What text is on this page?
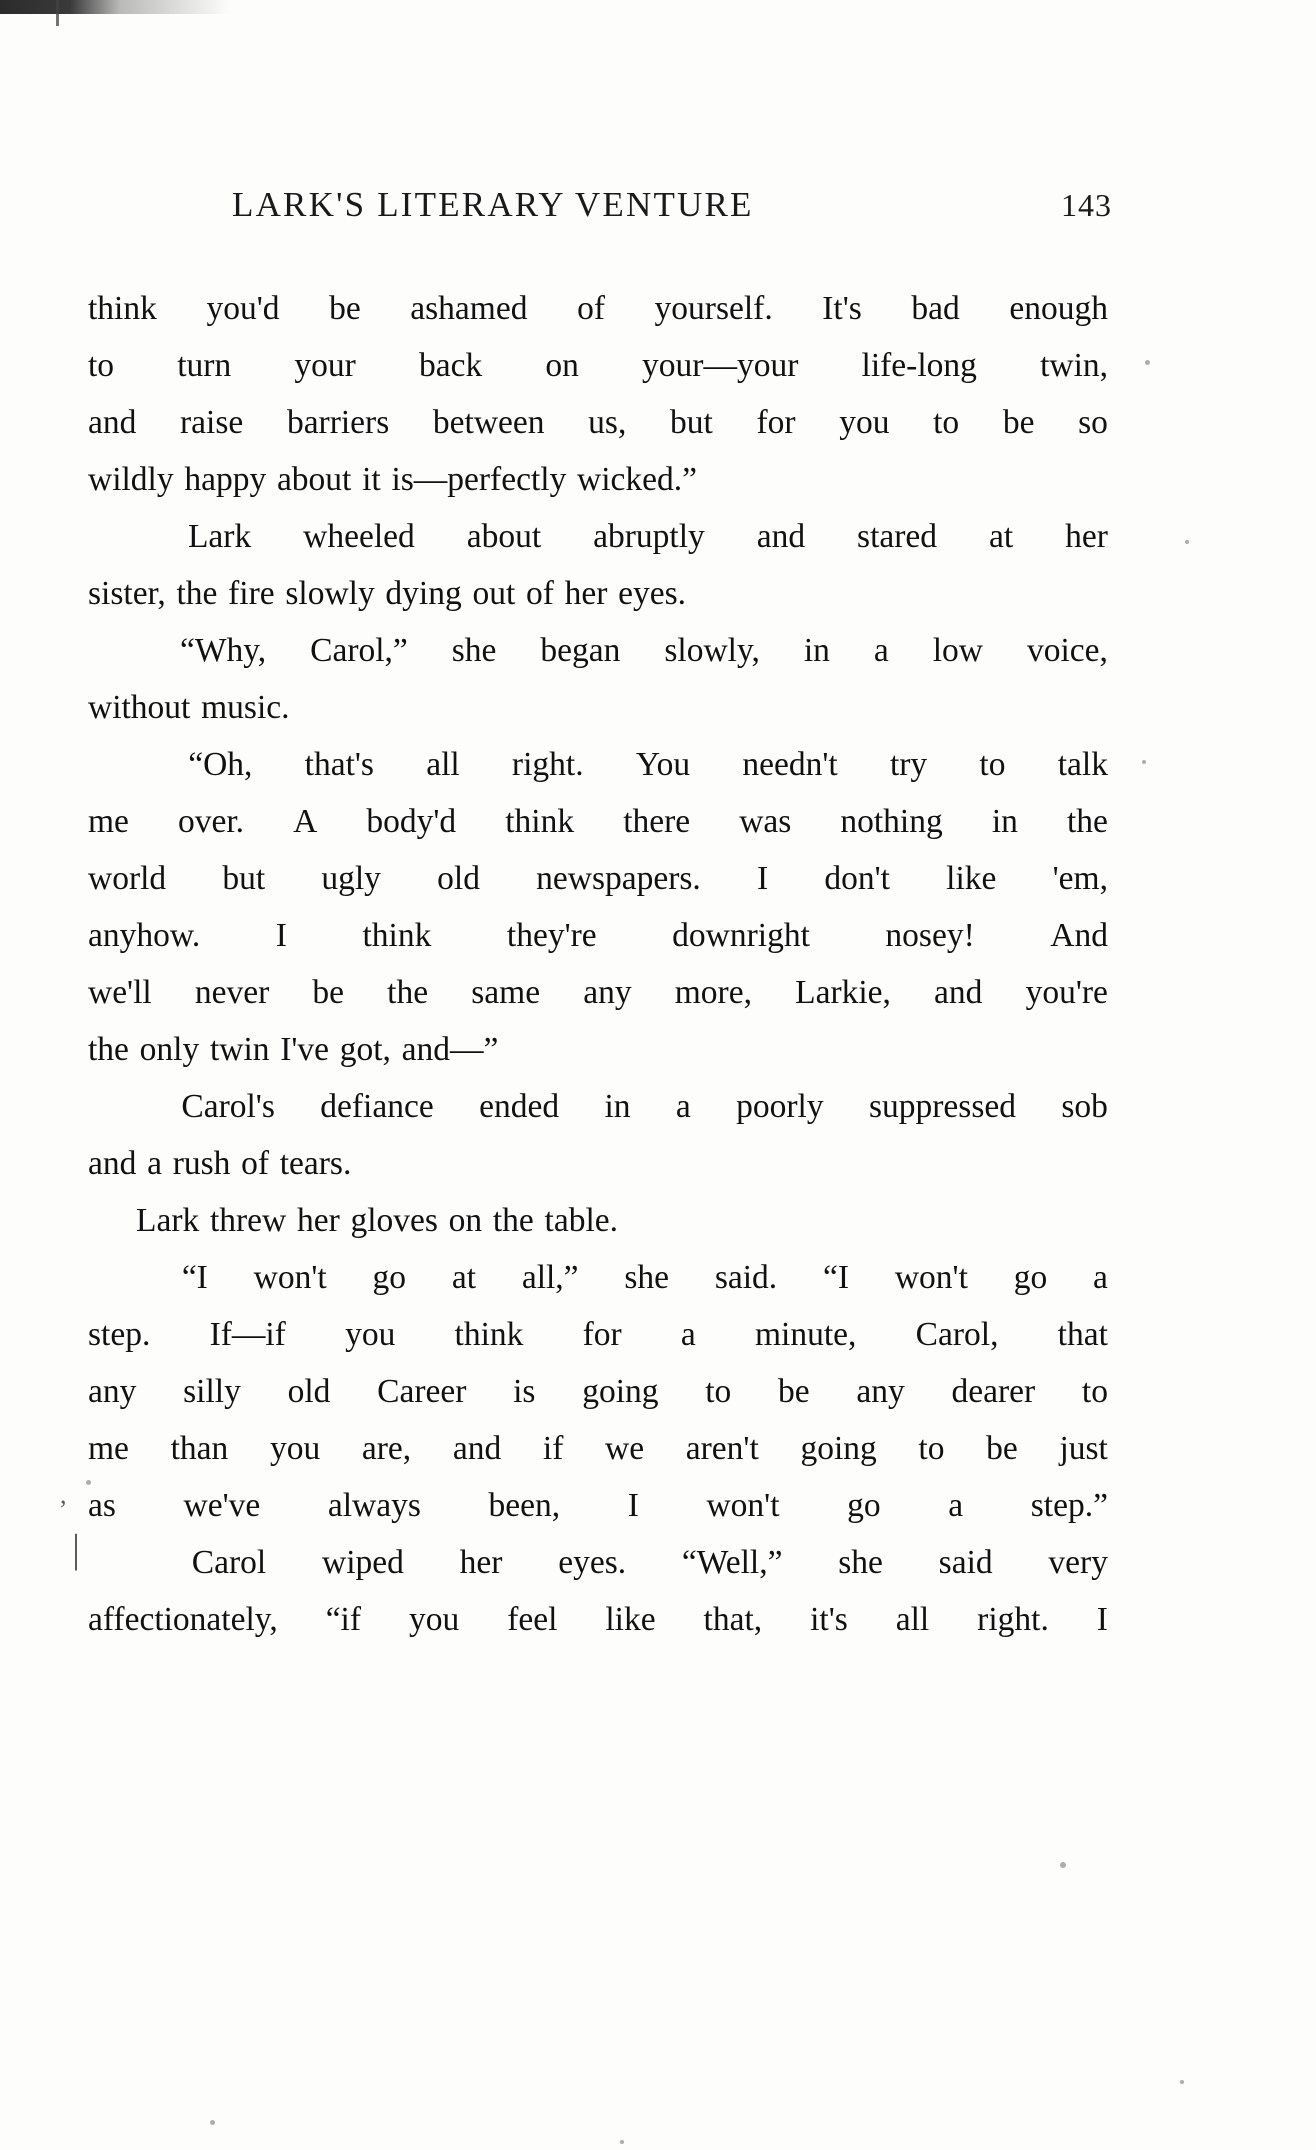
LARK'S LITERARY VENTURE	143
think you'd be ashamed of yourself. It's bad enough
to turn your back on your—your life-long twin,
and raise barriers between us, but for you to be so
wildly happy about it is—perfectly wicked.”
Lark wheeled about abruptly and stared at her
sister, the fire slowly dying out of her eyes.
“Why, Carol,” she began slowly, in a low voice,
without music.
“Oh, that's all right. You needn't try to talk
me over. A body'd think there was nothing in the
world but ugly old newspapers. I don't like 'em,
anyhow. I think they're downright nosey! And
we'll never be the same any more, Larkie, and you're
the only twin I've got, and—”
Carol's defiance ended in a poorly suppressed sob
and a rush of tears.
Lark threw her gloves on the table.
“I won't go at all,” she said. “I won't go a
step. If—if you think for a minute, Carol, that
any silly old Career is going to be any dearer to
me than you are, and if we aren't going to be just
as we've always been, I won't go a step.”
Carol wiped her eyes. “Well,” she said very
affectionately, “if you feel like that, it's all right. I
,
|
